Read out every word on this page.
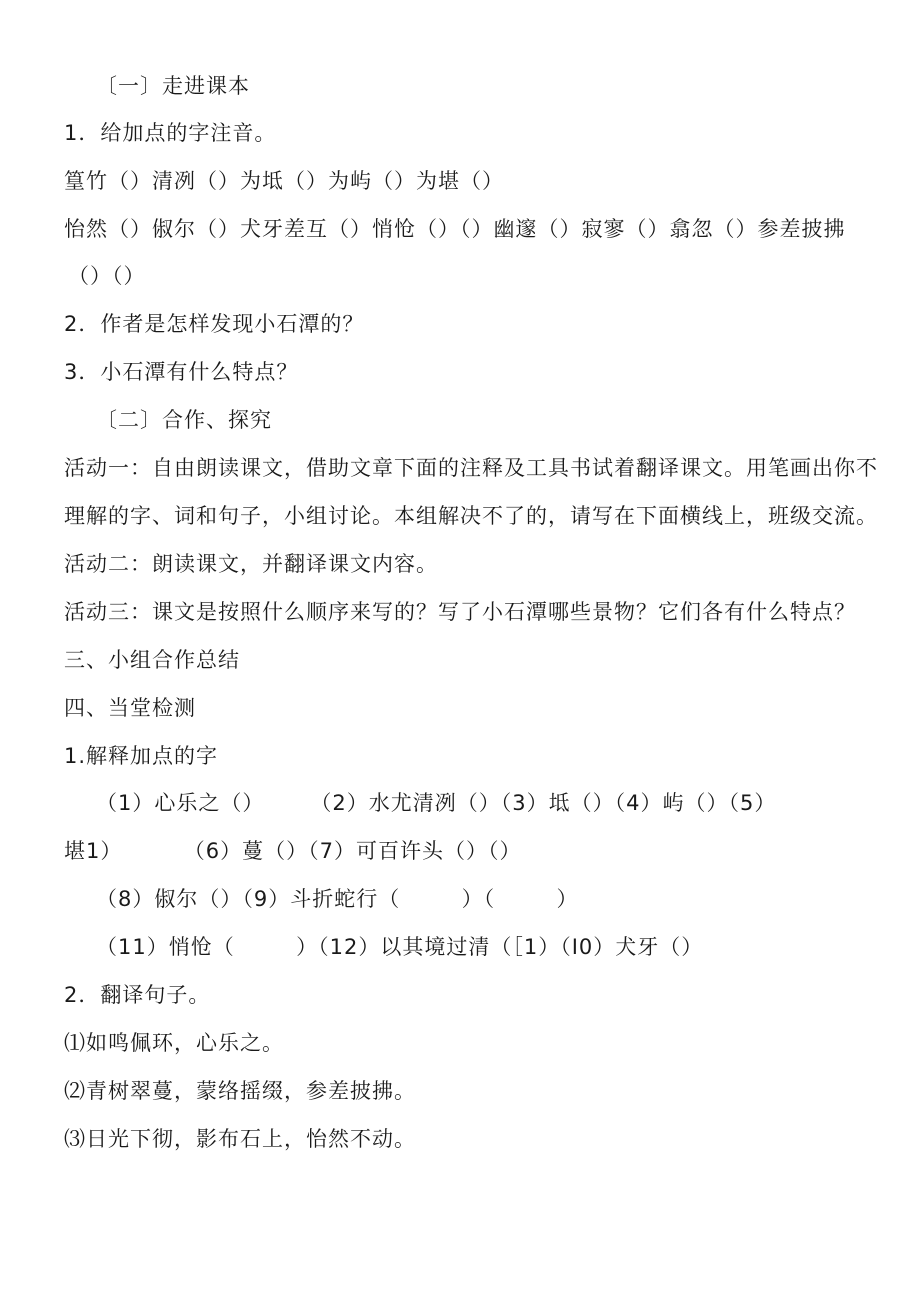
〔一〕走进课本
1．给加点的字注音。
篁竹（）清冽（）为坻（）为屿（）为堪（）
怡然（）俶尔（）犬牙差互（）悄怆（）（）幽邃（）寂寥（）翕忽（）参差披拂
（）（）
2．作者是怎样发现小石潭的？
3．小石潭有什么特点？
〔二〕合作、探究
活动一：自由朗读课文，借助文章下面的注释及工具书试着翻译课文。用笔画出你不
理解的字、词和句子，小组讨论。本组解决不了的，请写在下面横线上，班级交流。
活动二：朗读课文，并翻译课文内容。
活动三：课文是按照什么顺序来写的？写了小石潭哪些景物？它们各有什么特点？
三、小组合作总结
四、当堂检测
1.解释加点的字
（1）心乐之（）      （2）水尤清冽（）（3）坻（）（4）屿（）（5）
堪1）        （6）蔓（）（7）可百许头（）（）
（8）俶尔（）（9）斗折蛇行（        ）（        ）
（11）悄怆（        ）（12）以其境过清（［1）（I0）犬牙（）
2．翻译句子。
⑴如鸣佩环，心乐之。
⑵青树翠蔓，蒙络摇缀，参差披拂。
⑶日光下彻，影布石上，怡然不动。
